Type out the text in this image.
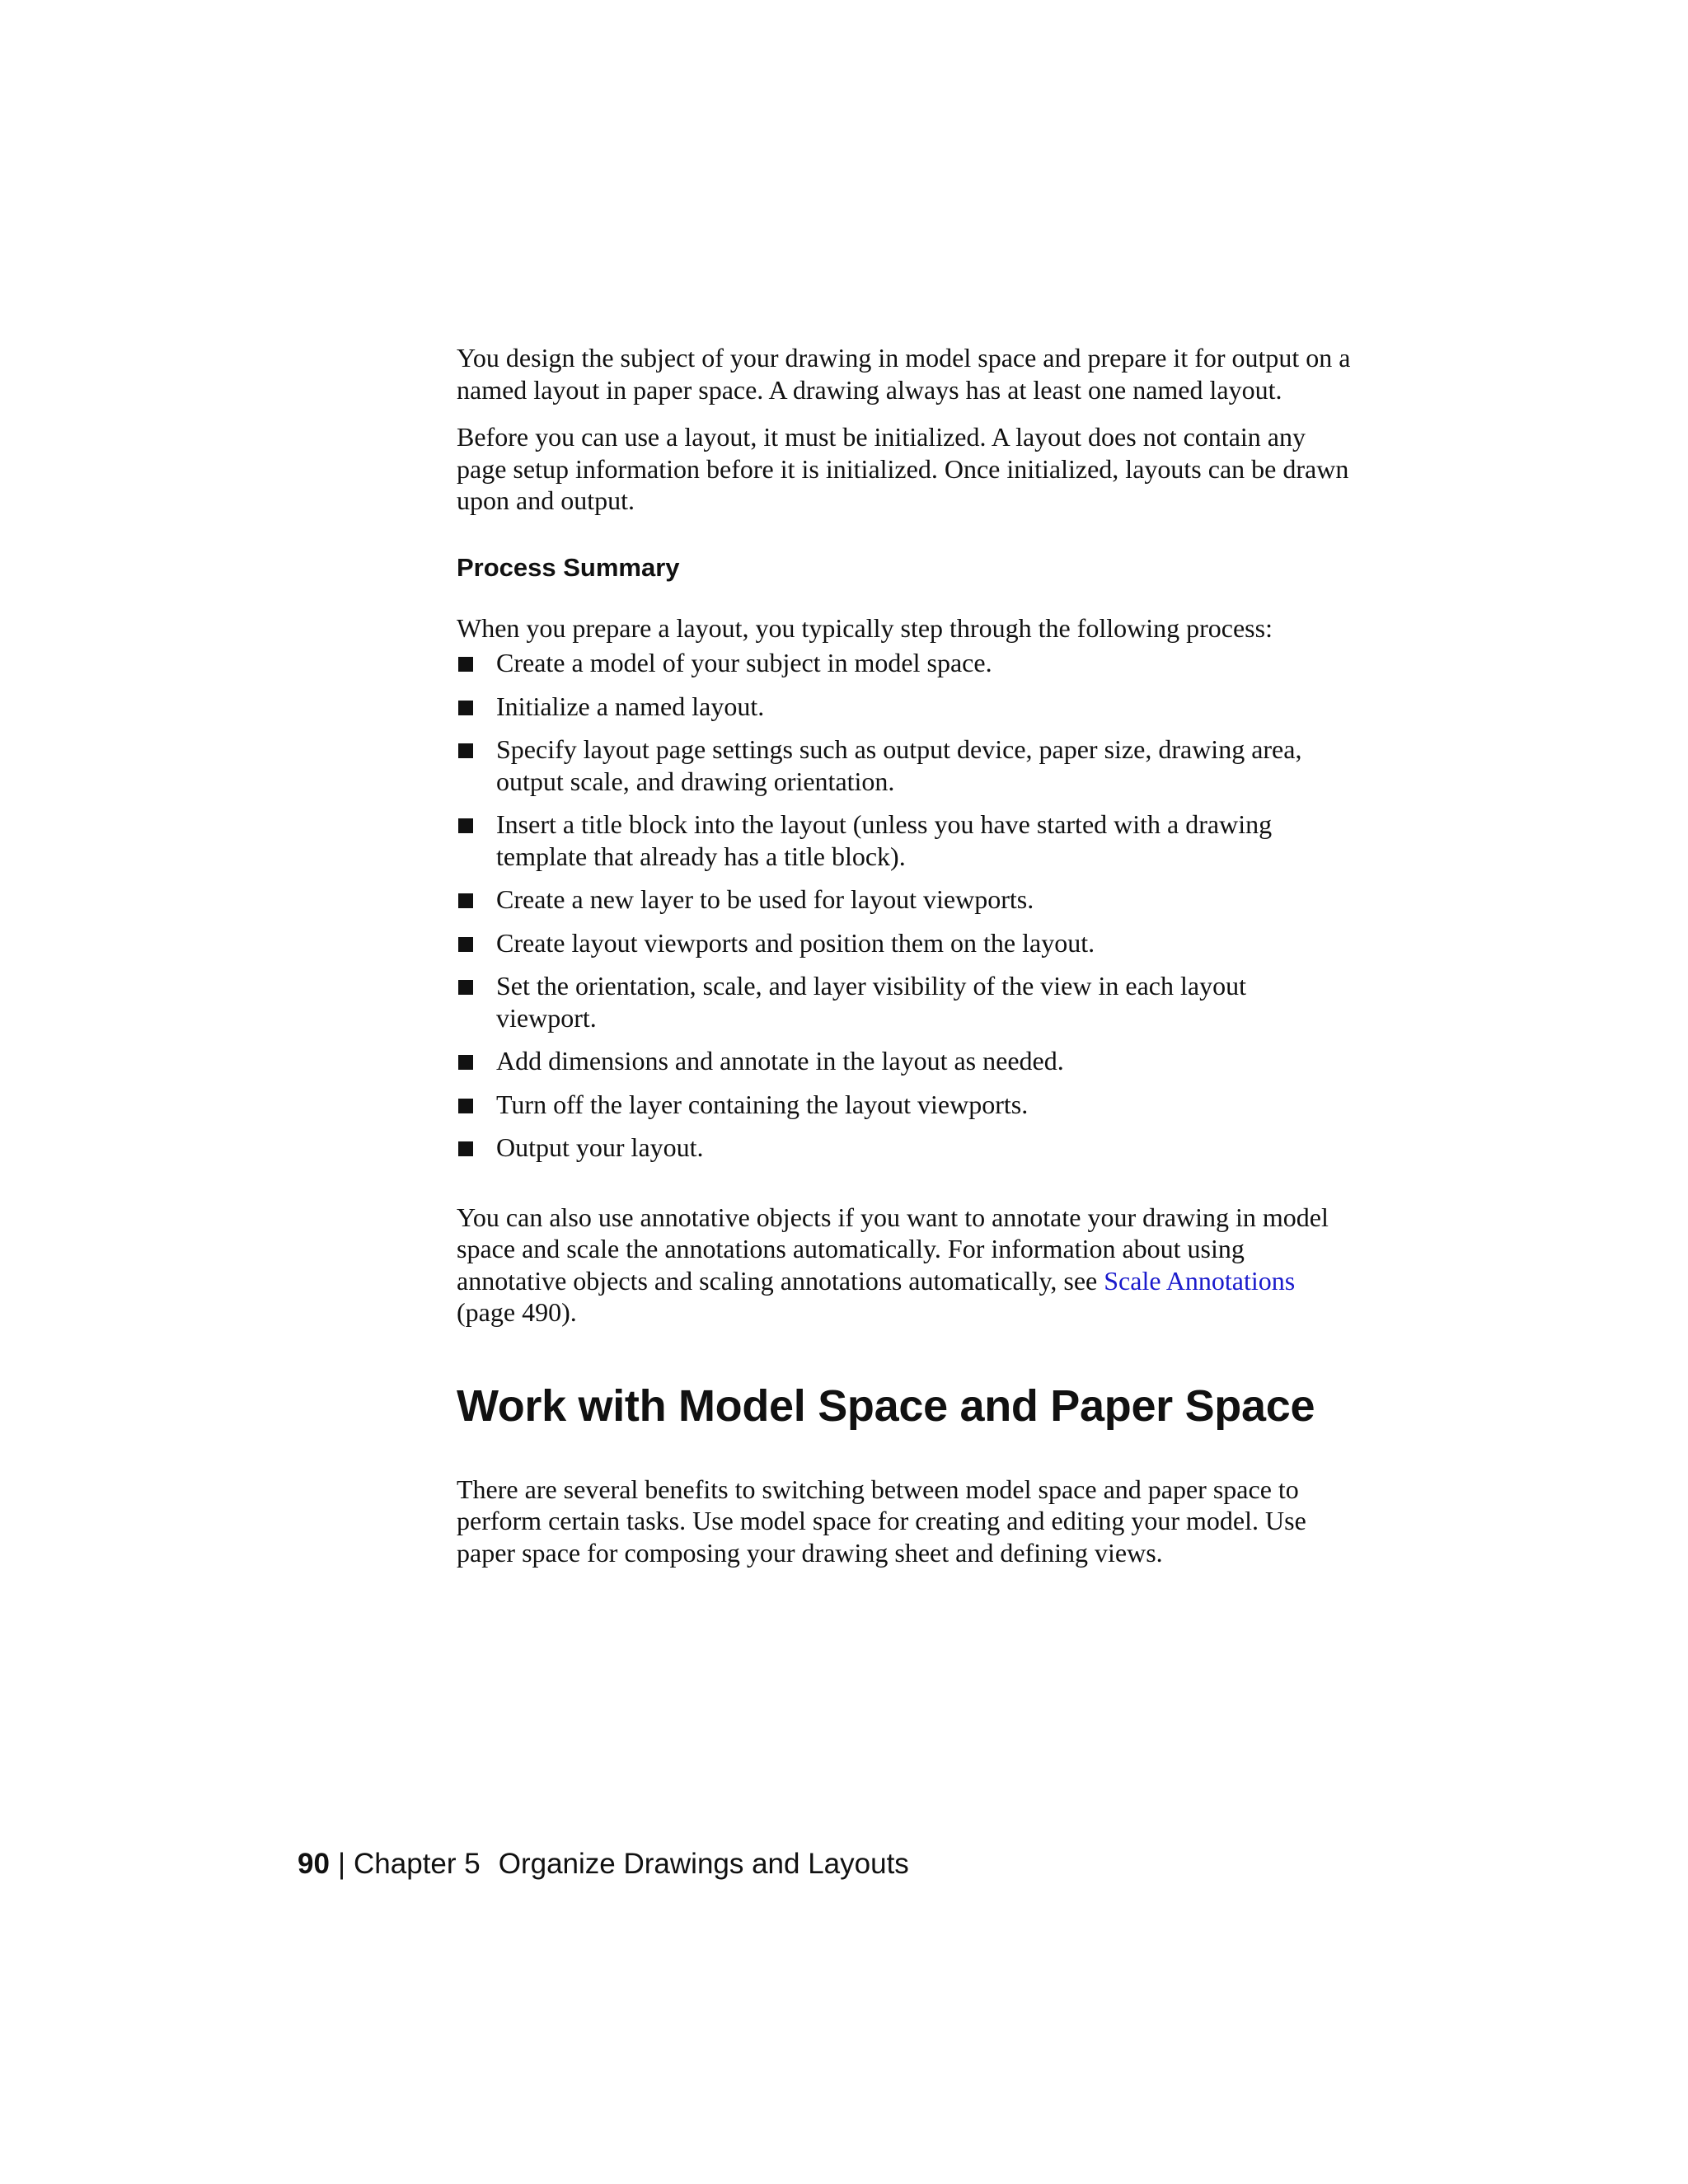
You design the subject of your drawing in model space and prepare it for output on a named layout in paper space. A drawing always has at least one named layout.

Before you can use a layout, it must be initialized. A layout does not contain any page setup information before it is initialized. Once initialized, layouts can be drawn upon and output.

Process Summary

When you prepare a layout, you typically step through the following process:

Create a model of your subject in model space.
Initialize a named layout.
Specify layout page settings such as output device, paper size, drawing area, output scale, and drawing orientation.
Insert a title block into the layout (unless you have started with a drawing template that already has a title block).
Create a new layer to be used for layout viewports.
Create layout viewports and position them on the layout.
Set the orientation, scale, and layer visibility of the view in each layout viewport.
Add dimensions and annotate in the layout as needed.
Turn off the layer containing the layout viewports.
Output your layout.

You can also use annotative objects if you want to annotate your drawing in model space and scale the annotations automatically. For information about using annotative objects and scaling annotations automatically, see Scale Annotations (page 490).

Work with Model Space and Paper Space

There are several benefits to switching between model space and paper space to perform certain tasks. Use model space for creating and editing your model. Use paper space for composing your drawing sheet and defining views.

90 | Chapter 5 Organize Drawings and Layouts
